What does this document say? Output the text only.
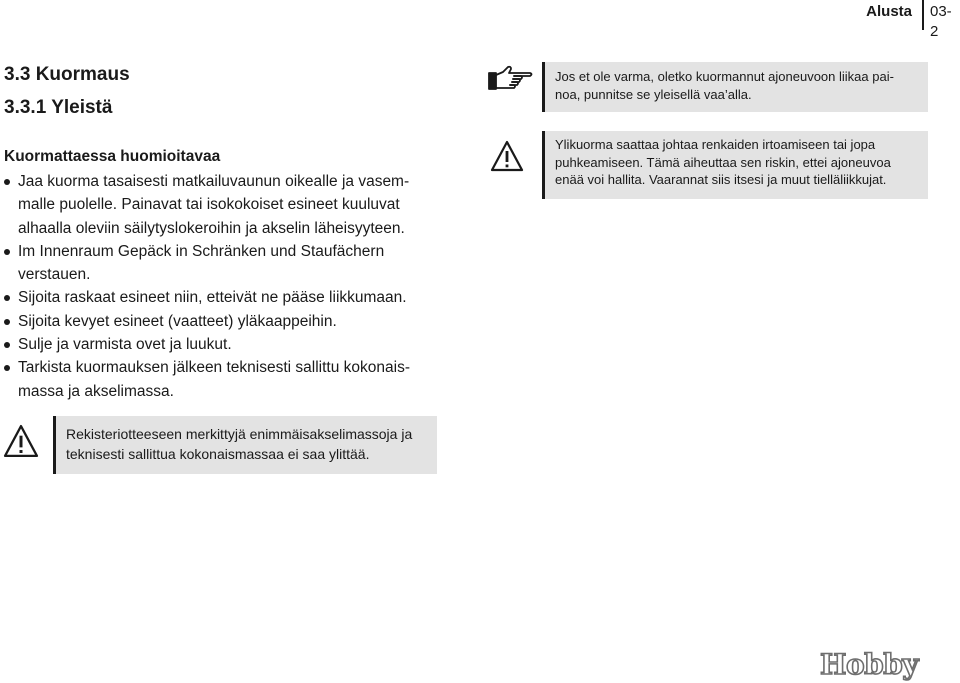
Alusta 03-2
3.3 Kuormaus
3.3.1 Yleistä
Kuormattaessa huomioitavaa
Jaa kuorma tasaisesti matkailuvaunun oikealle ja vasem-malle puolelle. Painavat tai isokokoiset esineet kuuluvat alhaalla oleviin säilytyslokeroihin ja akselin läheisyyteen.
Im Innenraum Gepäck in Schränken und Staufächern verstauen.
Sijoita raskaat esineet niin, etteivät ne pääse liikkumaan.
Sijoita kevyet esineet (vaatteet) yläkaappeihin.
Sulje ja varmista ovet ja luukut.
Tarkista kuormauksen jälkeen teknisesti sallittu kokonais-massa ja akselimassa.
Jos et ole varma, oletko kuormannut ajoneuvoon liikaa pai-noa, punnitse se yleisellä vaa’alla.
Ylikuorma saattaa johtaa renkaiden irtoamiseen tai jopa puhkeamiseen. Tämä aiheuttaa sen riskin, ettei ajoneuvoa enää voi hallita. Vaarannat siis itsesi ja muut tielläliikkujat.
Rekisteriotteeseen merkittyjä enimmäisakselimassoja ja teknisesti sallittua kokonaismassaa ei saa ylittää.
Hobby
